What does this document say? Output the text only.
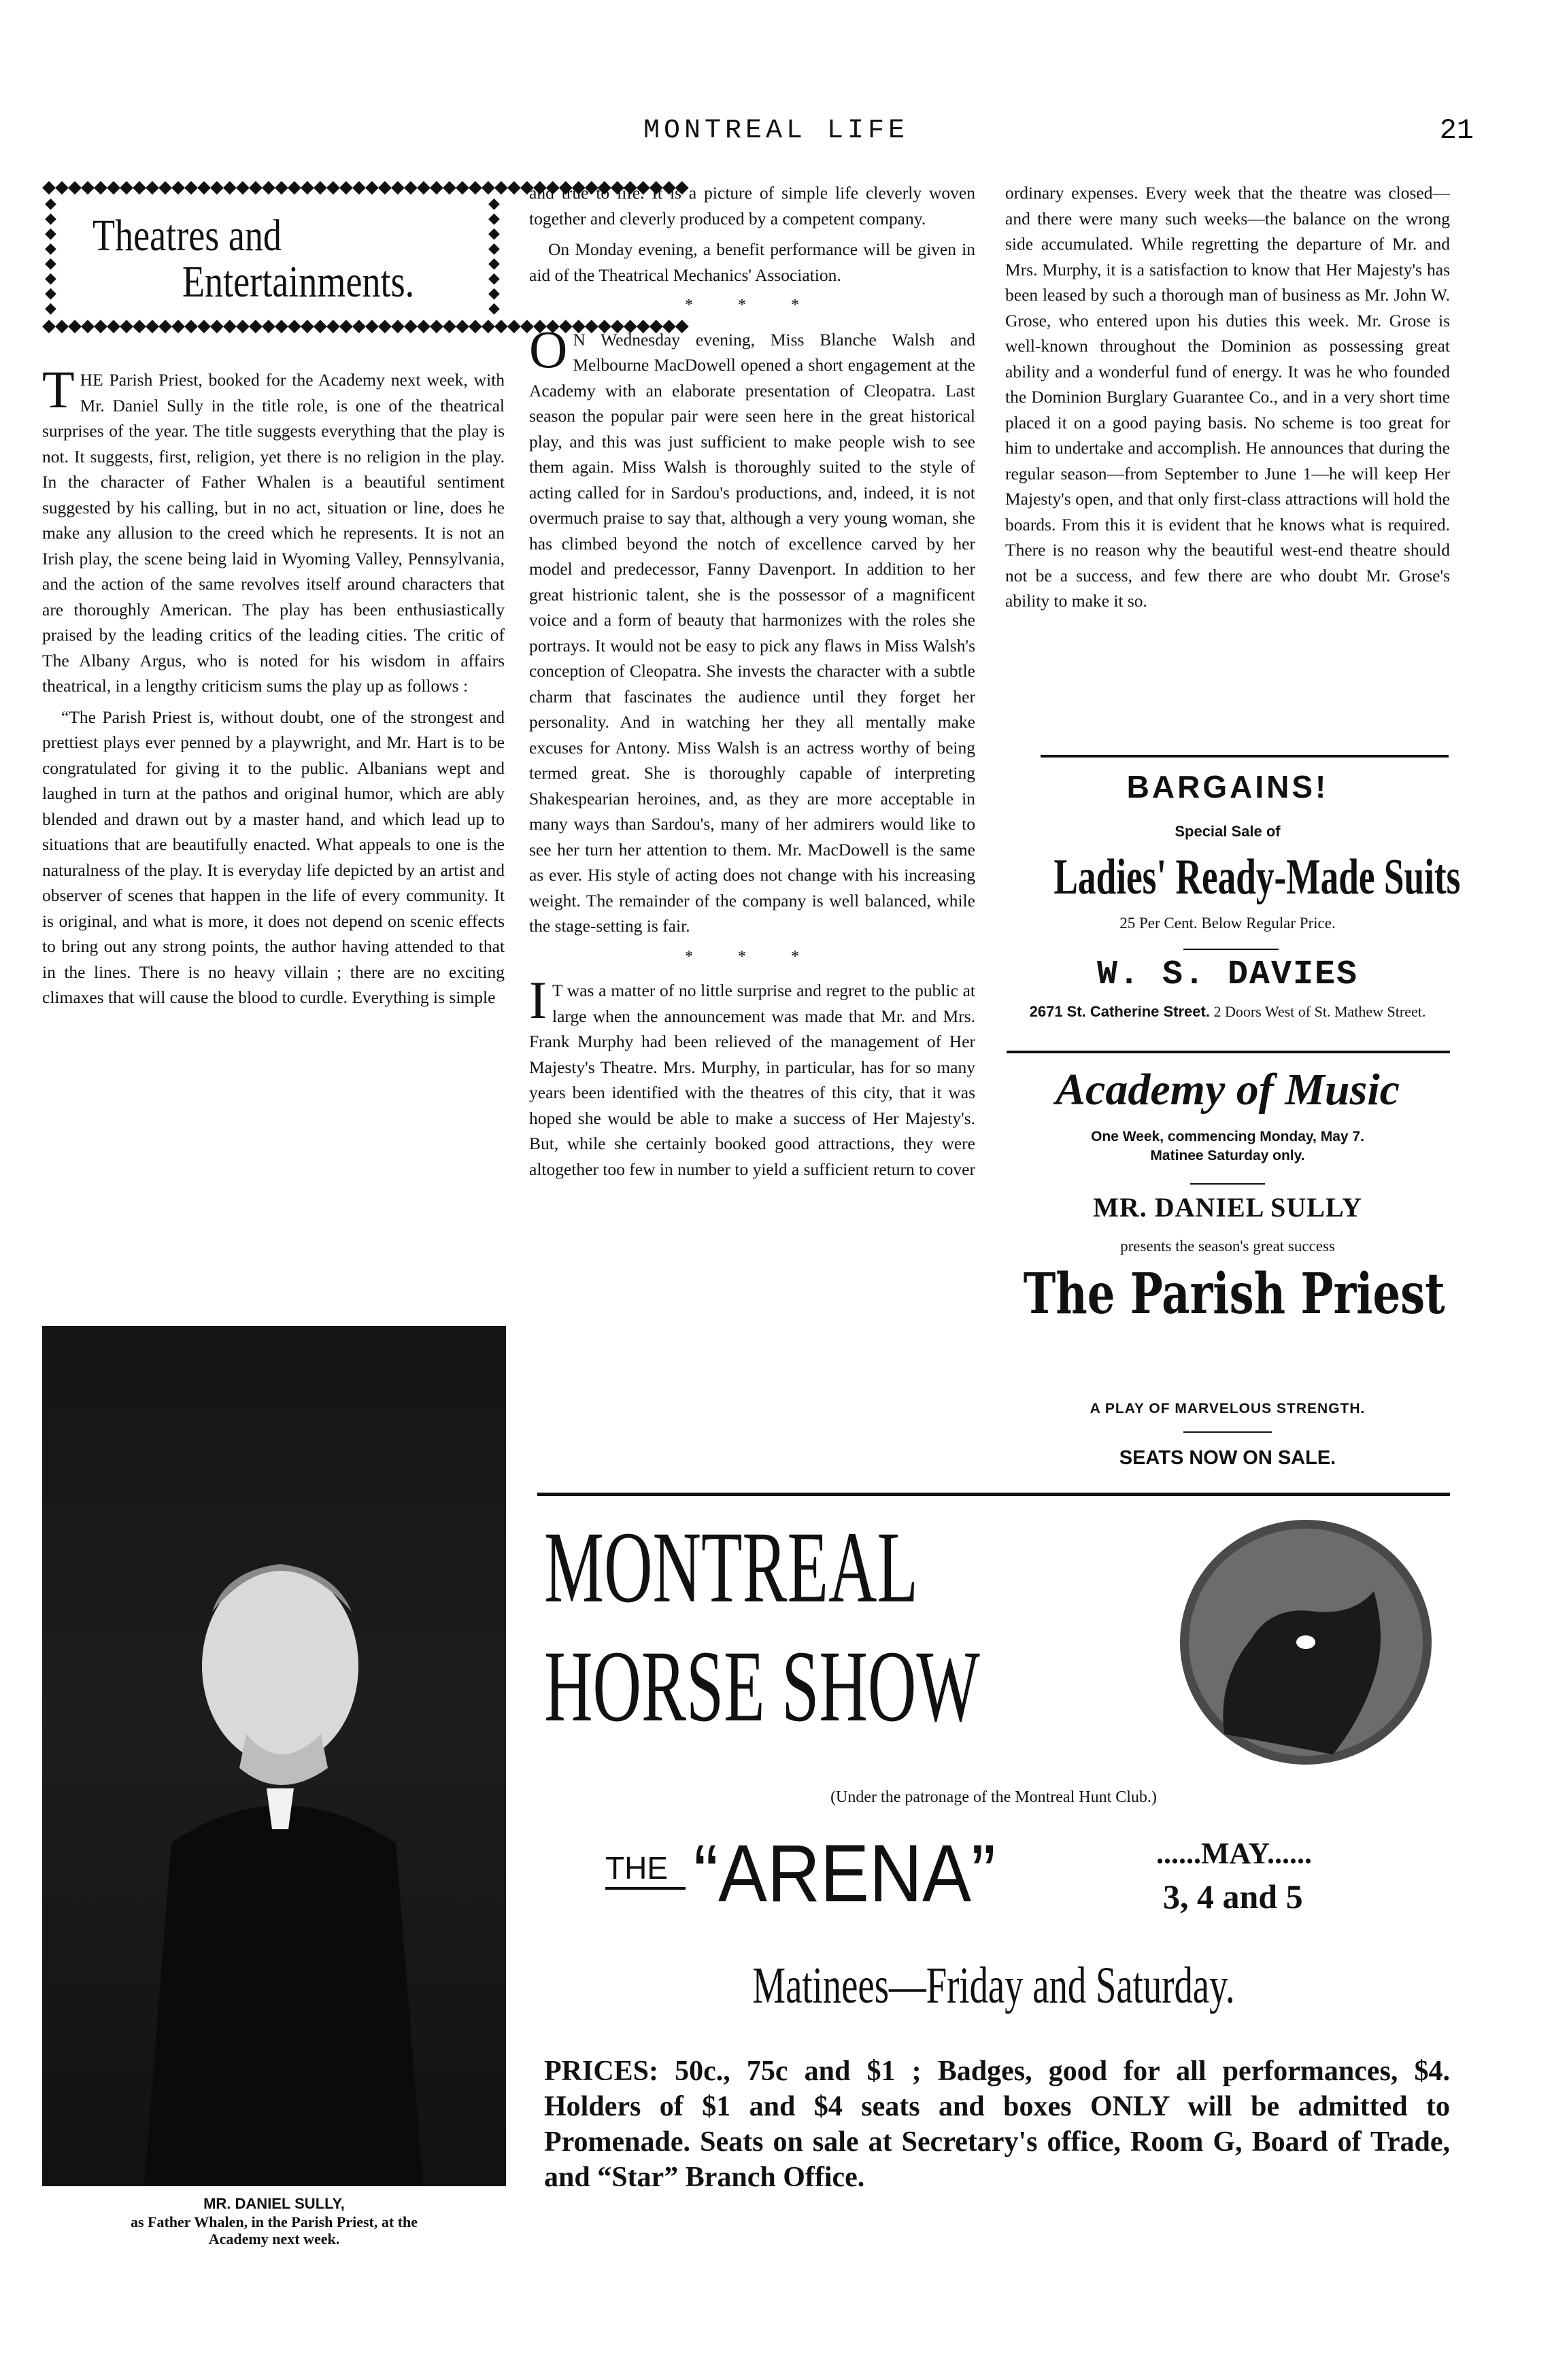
MONTREAL LIFE	21
◆◆◆◆◆◆◆◆◆◆◆◆◆◆◆◆◆◆◆◆◆◆◆◆◆◆◆◆◆◆◆◆◆◆◆◆◆◆◆◆◆◆◆◆◆◆◆◆◆◆
◆◆◆◆◆◆◆◆◆◆◆◆◆◆◆◆◆◆◆◆◆◆◆◆◆◆◆◆◆◆◆◆◆◆◆◆◆◆◆◆◆◆◆◆◆◆◆◆◆◆
◆
◆
◆
◆
◆
◆
◆
◆
◆
◆
◆
◆
◆
◆
◆
◆
Theatres and
Entertainments.

THE Parish Priest, booked for the Academy next week, with Mr. Daniel Sully in the title role, is one of the theatrical surprises of the year. The title suggests everything that the play is not. It suggests, first, religion, yet there is no religion in the play. In the character of Father Whalen is a beautiful sentiment suggested by his calling, but in no act, situation or line, does he make any allusion to the creed which he represents. It is not an Irish play, the scene being laid in Wyoming Valley, Pennsylvania, and the action of the same revolves itself around characters that are thoroughly American. The play has been enthusiastically praised by the leading critics of the leading cities. The critic of The Albany Argus, who is noted for his wisdom in affairs theatrical, in a lengthy criticism sums the play up as follows :

“The Parish Priest is, without doubt, one of the strongest and prettiest plays ever penned by a playwright, and Mr. Hart is to be congratulated for giving it to the public. Albanians wept and laughed in turn at the pathos and original humor, which are ably blended and drawn out by a master hand, and which lead up to situations that are beautifully enacted. What appeals to one is the naturalness of the play. It is everyday life depicted by an artist and observer of scenes that happen in the life of every community. It is original, and what is more, it does not depend on scenic effects to bring out any strong points, the author having attended to that in the lines. There is no heavy villain ; there are no exciting climaxes that will cause the blood to curdle. Everything is simple

MR. DANIEL SULLY,
as Father Whalen, in the Parish Priest, at the
Academy next week.

and true to life. It is a picture of simple life cleverly woven together and cleverly produced by a competent company.

On Monday evening, a benefit performance will be given in aid of the Theatrical Mechanics' Association.

* * *

O N Wednesday evening, Miss Blanche Walsh and Melbourne MacDowell opened a short engagement at the Academy with an elaborate presentation of Cleopatra. Last season the popular pair were seen here in the great historical play, and this was just sufficient to make people wish to see them again. Miss Walsh is thoroughly suited to the style of acting called for in Sardou's productions, and, indeed, it is not overmuch praise to say that, although a very young woman, she has climbed beyond the notch of excellence carved by her model and predecessor, Fanny Davenport. In addition to her great histrionic talent, she is the possessor of a magnificent voice and a form of beauty that harmonizes with the roles she portrays. It would not be easy to pick any flaws in Miss Walsh's conception of Cleopatra. She invests the character with a subtle charm that fascinates the audience until they forget her personality. And in watching her they all mentally make excuses for Antony. Miss Walsh is an actress worthy of being termed great. She is thoroughly capable of interpreting Shakespearian heroines, and, as they are more acceptable in many ways than Sardou's, many of her admirers would like to see her turn her attention to them. Mr. MacDowell is the same as ever. His style of acting does not change with his increasing weight. The remainder of the company is well balanced, while the stage-setting is fair.

* * *

I T was a matter of no little surprise and regret to the public at large when the announcement was made that Mr. and Mrs. Frank Murphy had been relieved of the management of Her Majesty's Theatre. Mrs. Murphy, in particular, has for so many years been identified with the theatres of this city, that it was hoped she would be able to make a success of Her Majesty's. But, while she certainly booked good attractions, they were altogether too few in number to yield a sufficient return to cover

ordinary expenses. Every week that the theatre was closed—and there were many such weeks—the balance on the wrong side accumulated. While regretting the departure of Mr. and Mrs. Murphy, it is a satisfaction to know that Her Majesty's has been leased by such a thorough man of business as Mr. John W. Grose, who entered upon his duties this week. Mr. Grose is well-known throughout the Dominion as possessing great ability and a wonderful fund of energy. It was he who founded the Dominion Burglary Guarantee Co., and in a very short time placed it on a good paying basis. No scheme is too great for him to undertake and accomplish. He announces that during the regular season—from September to June 1—he will keep Her Majesty's open, and that only first-class attractions will hold the boards. From this it is evident that he knows what is required. There is no reason why the beautiful west-end theatre should not be a success, and few there are who doubt Mr. Grose's ability to make it so.

BARGAINS!
Special Sale of
Ladies' Ready-Made Suits
25 Per Cent. Below Regular Price.
W. S. DAVIES
2671 St. Catherine Street. 2 Doors West of St. Mathew Street.
Academy of Music
One Week, commencing Monday, May 7.
Matinee Saturday only.
MR. DANIEL SULLY
presents the season's great success
The Parish Priest
A PLAY OF MARVELOUS STRENGTH.
SEATS NOW ON SALE.
MONTREAL
HORSE SHOW
(Under the patronage of the Montreal Hunt Club.)
THE “ARENA”	......MAY......
3, 4 and 5
Matinees—Friday and Saturday.
PRICES: 50c., 75c and $1 ; Badges, good for all performances, $4. Holders of $1 and $4 seats and boxes ONLY will be admitted to Promenade. Seats on sale at Secretary's office, Room G, Board of Trade, and “Star” Branch Office.
